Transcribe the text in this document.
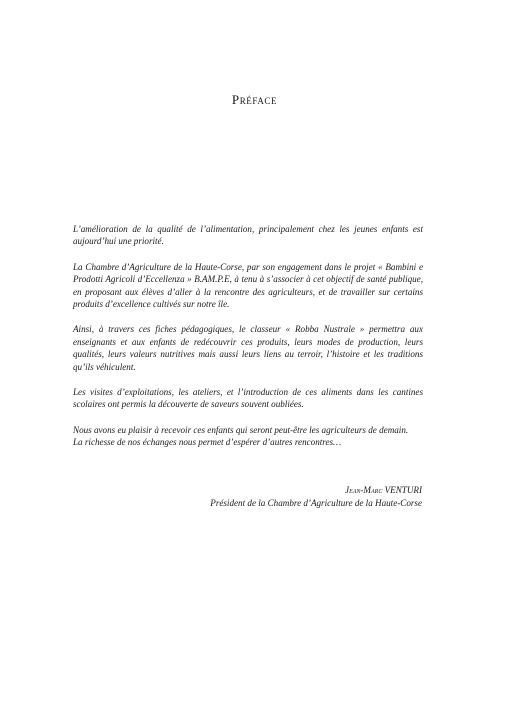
Préface

L’amélioration de la qualité de l’alimentation, principalement chez les jeunes enfants est aujourd’hui une priorité.

La Chambre d’Agriculture de la Haute-Corse, par son engagement dans le projet « Bambini e Prodotti Agricoli d’Eccellenza » B.AM.P.E, à tenu à s’associer à cet objectif de santé publique, en proposant aux élèves d’aller à la rencontre des agriculteurs, et de travailler sur certains produits d’excellence cultivés sur notre île.

Ainsi, à travers ces fiches pédagogiques, le classeur « Robba Nustrale » permettra aux enseignants et aux enfants de redécouvrir ces produits, leurs modes de production, leurs qualités, leurs valeurs nutritives mais aussi leurs liens au terroir, l’histoire et les traditions qu’ils véhiculent.

Les visites d’exploitations, les ateliers, et l’introduction de ces aliments dans les cantines scolaires ont permis la découverte de saveurs souvent oubliées.

Nous avons eu plaisir à recevoir ces enfants qui seront peut-être les agriculteurs de demain.

La richesse de nos échanges nous permet d’espérer d’autres rencontres…

Jean-Marc VENTURI
Président de la Chambre d’Agriculture de la Haute-Corse
